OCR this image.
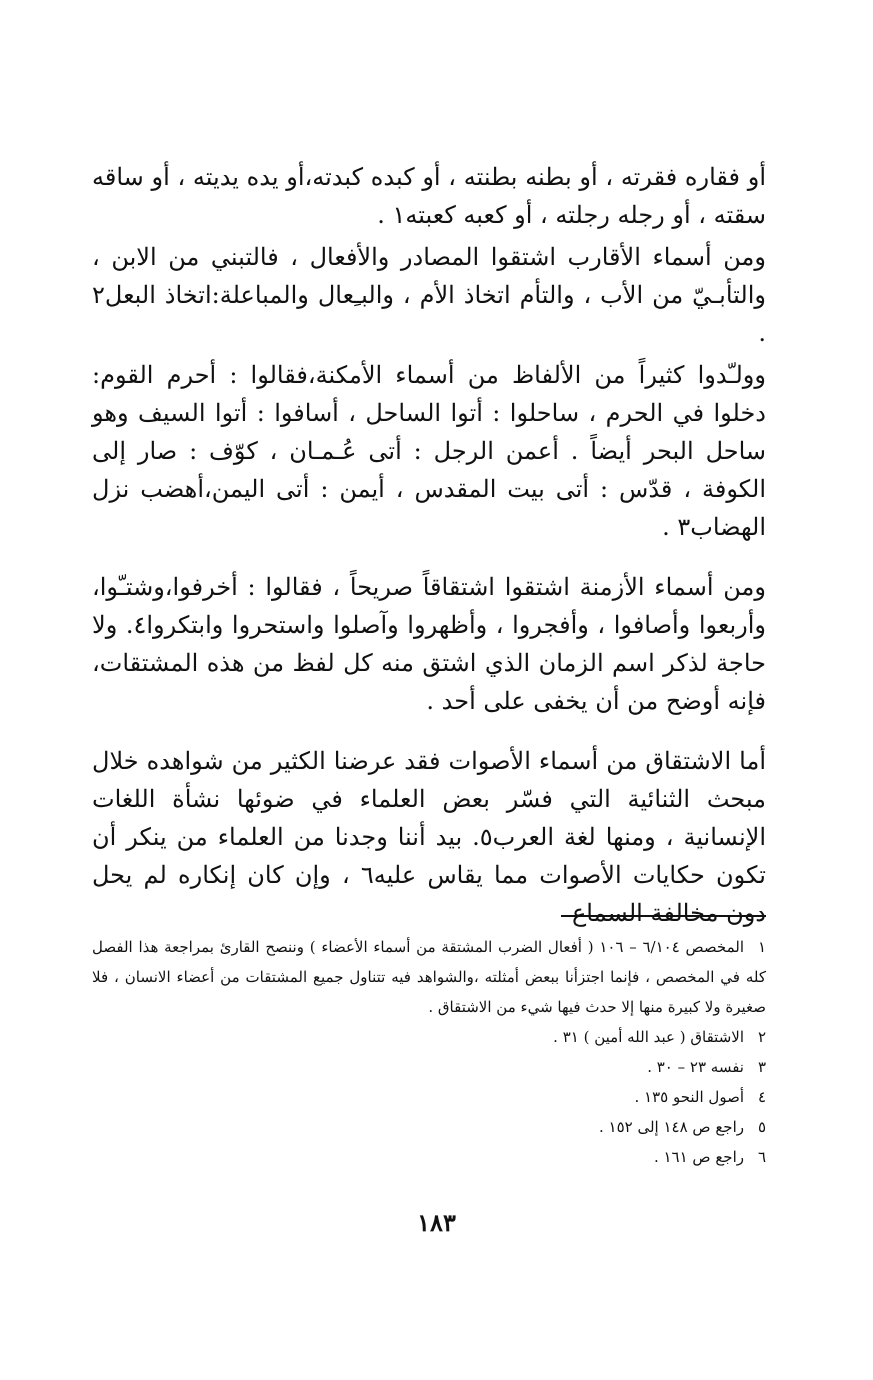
أو فقاره فقرته ، أو بطنه بطنته ، أو كبده كبدته،أو يده يديته ، أو ساقه سقته ، أو رجله رجلته ، أو كعبه كعبته١ .

ومن أسماء الأقارب اشتقوا المصادر والأفعال ، فالتبني من الابن ، والتأبـيّ من الأب ، والتأم اتخاذ الأم ، والبـِعال والمباعلة:اتخاذ البعل٢ .

وولـّدوا كثيراً من الألفاظ من أسماء الأمكنة،فقالوا : أحرم القوم: دخلوا في الحرم ، ساحلوا : أتوا الساحل ، أسافوا : أتوا السيف وهو ساحل البحر أيضاً . أعمن الرجل : أتى عُـمـان ، كوّف : صار إلى الكوفة ، قدّس : أتى بيت المقدس ، أيمن : أتى اليمن،أهضب نزل الهضاب٣ .

ومن أسماء الأزمنة اشتقوا اشتقاقاً صريحاً ، فقالوا : أخرفوا،وشتـّوا، وأربعوا وأصافوا ، وأفجروا ، وأظهروا وآصلوا واستحروا وابتكروا٤. ولا حاجة لذكر اسم الزمان الذي اشتق منه كل لفظ من هذه المشتقات، فإنه أوضح من أن يخفى على أحد .

أما الاشتقاق من أسماء الأصوات فقد عرضنا الكثير من شواهده خلال مبحث الثنائية التي فسّر بعض العلماء في ضوئها نشأة اللغات الإنسانية ، ومنها لغة العرب٥. بيد أننا وجدنا من العلماء من ينكر أن تكون حكايات الأصوات مما يقاس عليه٦ ، وإن كان إنكاره لم يحل دون مخالفة السماع

١المخصص ٦/١٠٤ – ١٠٦ ( أفعال الضرب المشتقة من أسماء الأعضاء ) وننصح القارئ بمراجعة هذا الفصل كله في المخصص ، فإنما اجتزأنا ببعض أمثلته ،والشواهد فيه تتناول جميع المشتقات من أعضاء الانسان ، فلا صغيرة ولا كبيرة منها إلا حدث فيها شيء من الاشتقاق .

٢الاشتقاق ( عبد الله أمين ) ٣١ .

٣نفسه ٢٣ – ٣٠ .

٤أصول النحو ١٣٥ .

٥راجع ص ١٤٨ إلى ١٥٢ .

٦راجع ص ١٦١ .

١٨٣
